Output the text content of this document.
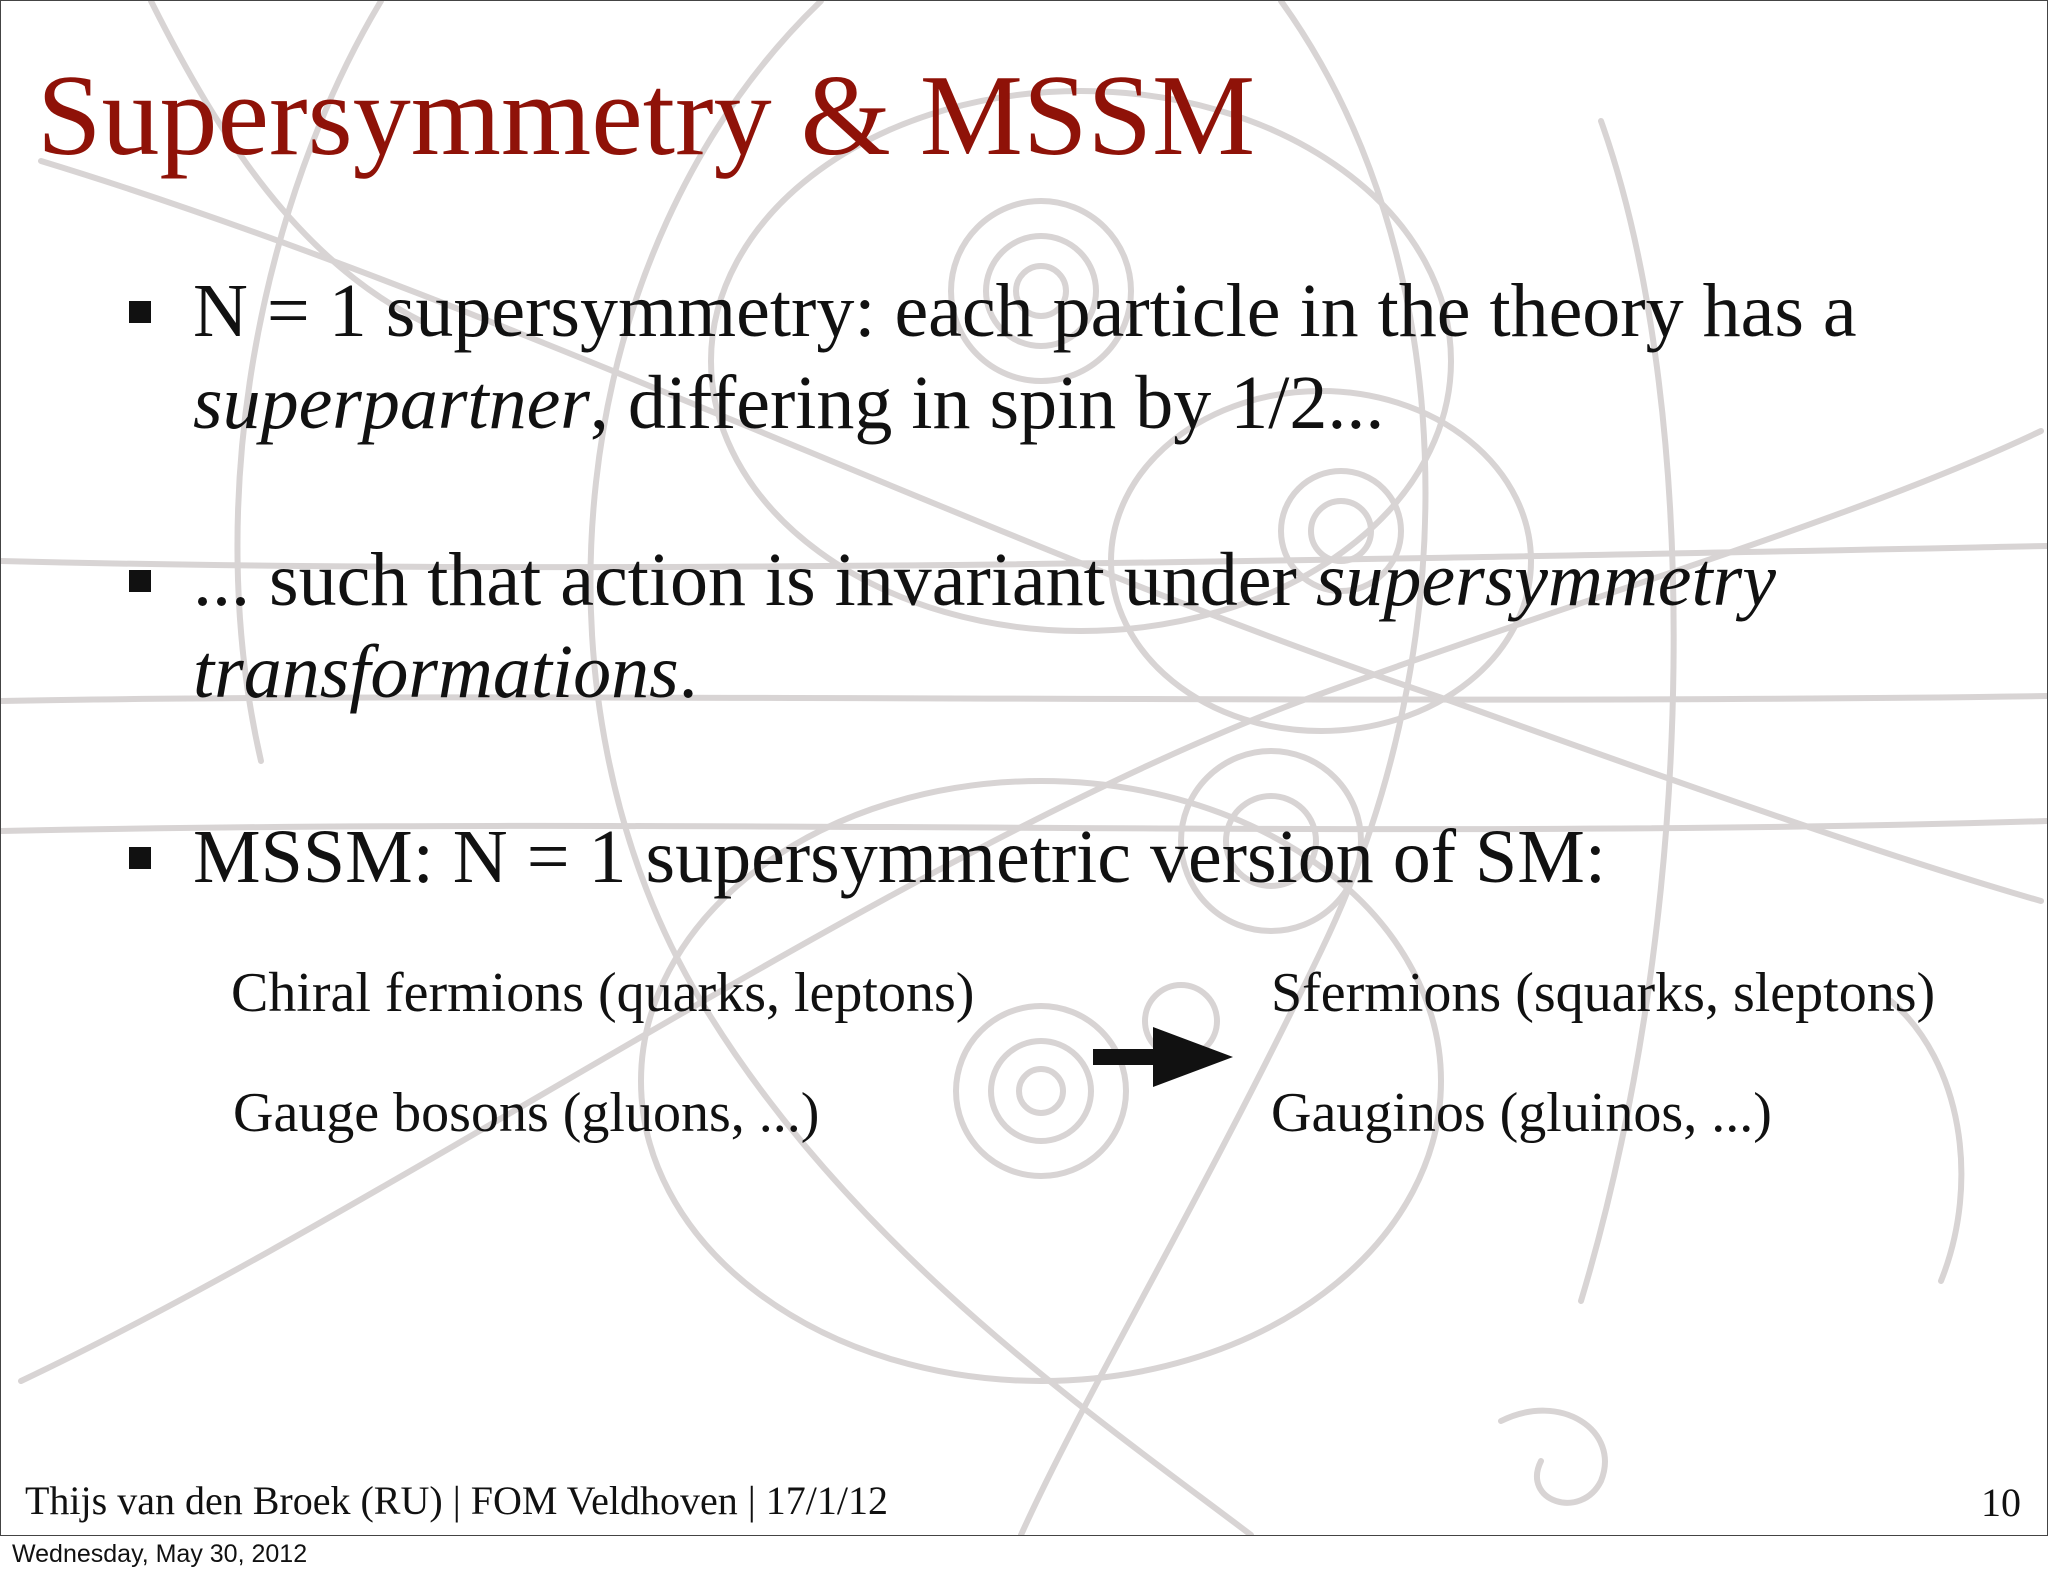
Supersymmetry & MSSM
N = 1 supersymmetry: each particle in the theory has a superpartner, differing in spin by 1/2...
... such that action is invariant under supersymmetry transformations.
MSSM: N = 1 supersymmetric version of SM:
Chiral fermions (quarks, leptons)
Gauge bosons (gluons, ...)
Sfermions (squarks, sleptons)
Gauginos (gluinos, ...)
Thijs van den Broek (RU) | FOM Veldhoven | 17/1/12	10
Wednesday, May 30, 2012
